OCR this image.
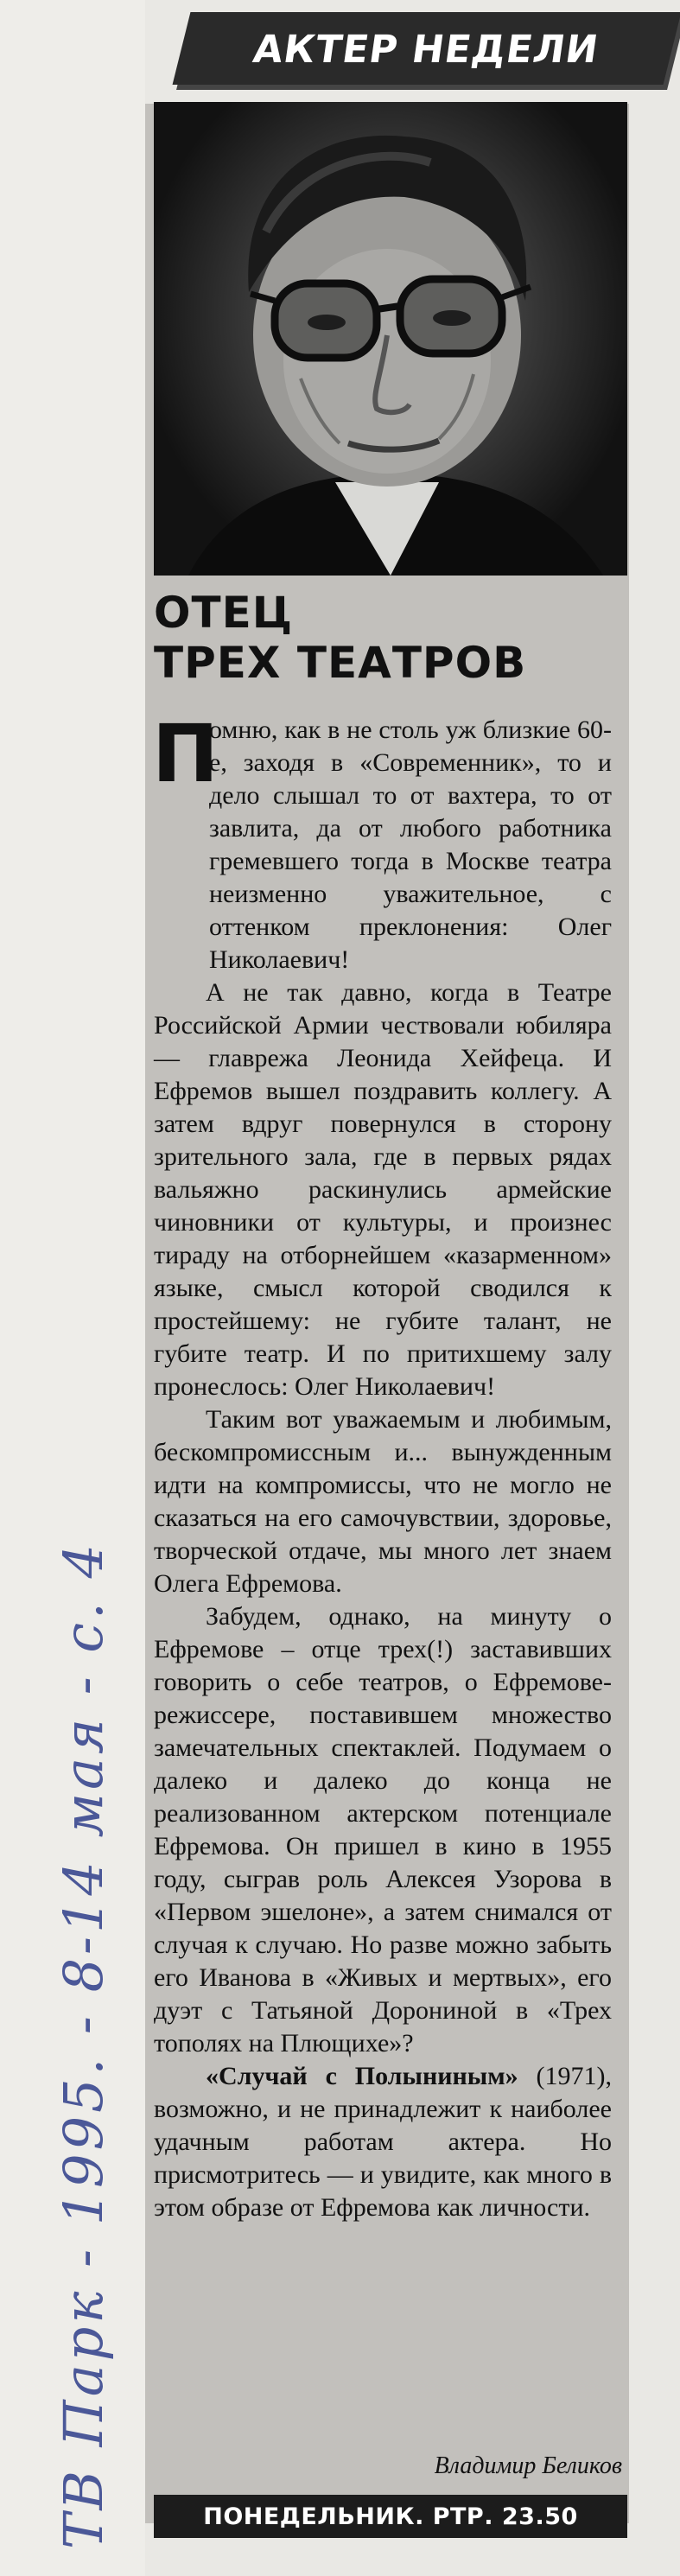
ТВ Парк - 1995. - 8-14 мая - с. 4
АКТЕР НЕДЕЛИ
ОТЕЦ
ТРЕХ ТЕАТРОВ
П

омню, как в не столь уж близкие 60-е, заходя в «Современник», то и дело слышал то от вахтера, то от завлита, да от любого работника гремевшего тогда в Москве театра неизменно уважительное, с оттенком преклонения: Олег Николаевич!

А не так давно, когда в Театре Российской Армии чествовали юбиляра — главрежа Леонида Хейфеца. И Ефремов вышел поздравить коллегу. А затем вдруг повернулся в сторону зрительного зала, где в первых рядах вальяжно раскинулись армейские чиновники от культуры, и произнес тираду на отборнейшем «казарменном» языке, смысл которой сводился к простейшему: не губите талант, не губите театр. И по притихшему залу пронеслось: Олег Николаевич!

Таким вот уважаемым и любимым, бескомпромиссным и... вынужденным идти на компромиссы, что не могло не сказаться на его самочувствии, здоровье, творческой отдаче, мы много лет знаем Олега Ефремова.

Забудем, однако, на минуту о Ефремове – отце трех(!) заставивших говорить о себе театров, о Ефремове-режиссере, поставившем множество замечательных спектаклей. Подумаем о далеко и далеко до конца не реализованном актерском потенциале Ефремова. Он пришел в кино в 1955 году, сыграв роль Алексея Узорова в «Первом эшелоне», а затем снимался от случая к случаю. Но разве можно забыть его Иванова в «Живых и мертвых», его дуэт с Татьяной Дорониной в «Трех тополях на Плющихе»?

«Случай с Полыниным» (1971), возможно, и не принадлежит к наиболее удачным работам актера. Но присмотритесь — и увидите, как много в этом образе от Ефремова как личности.

Владимир Беликов
ПОНЕДЕЛЬНИК. РТР. 23.50
